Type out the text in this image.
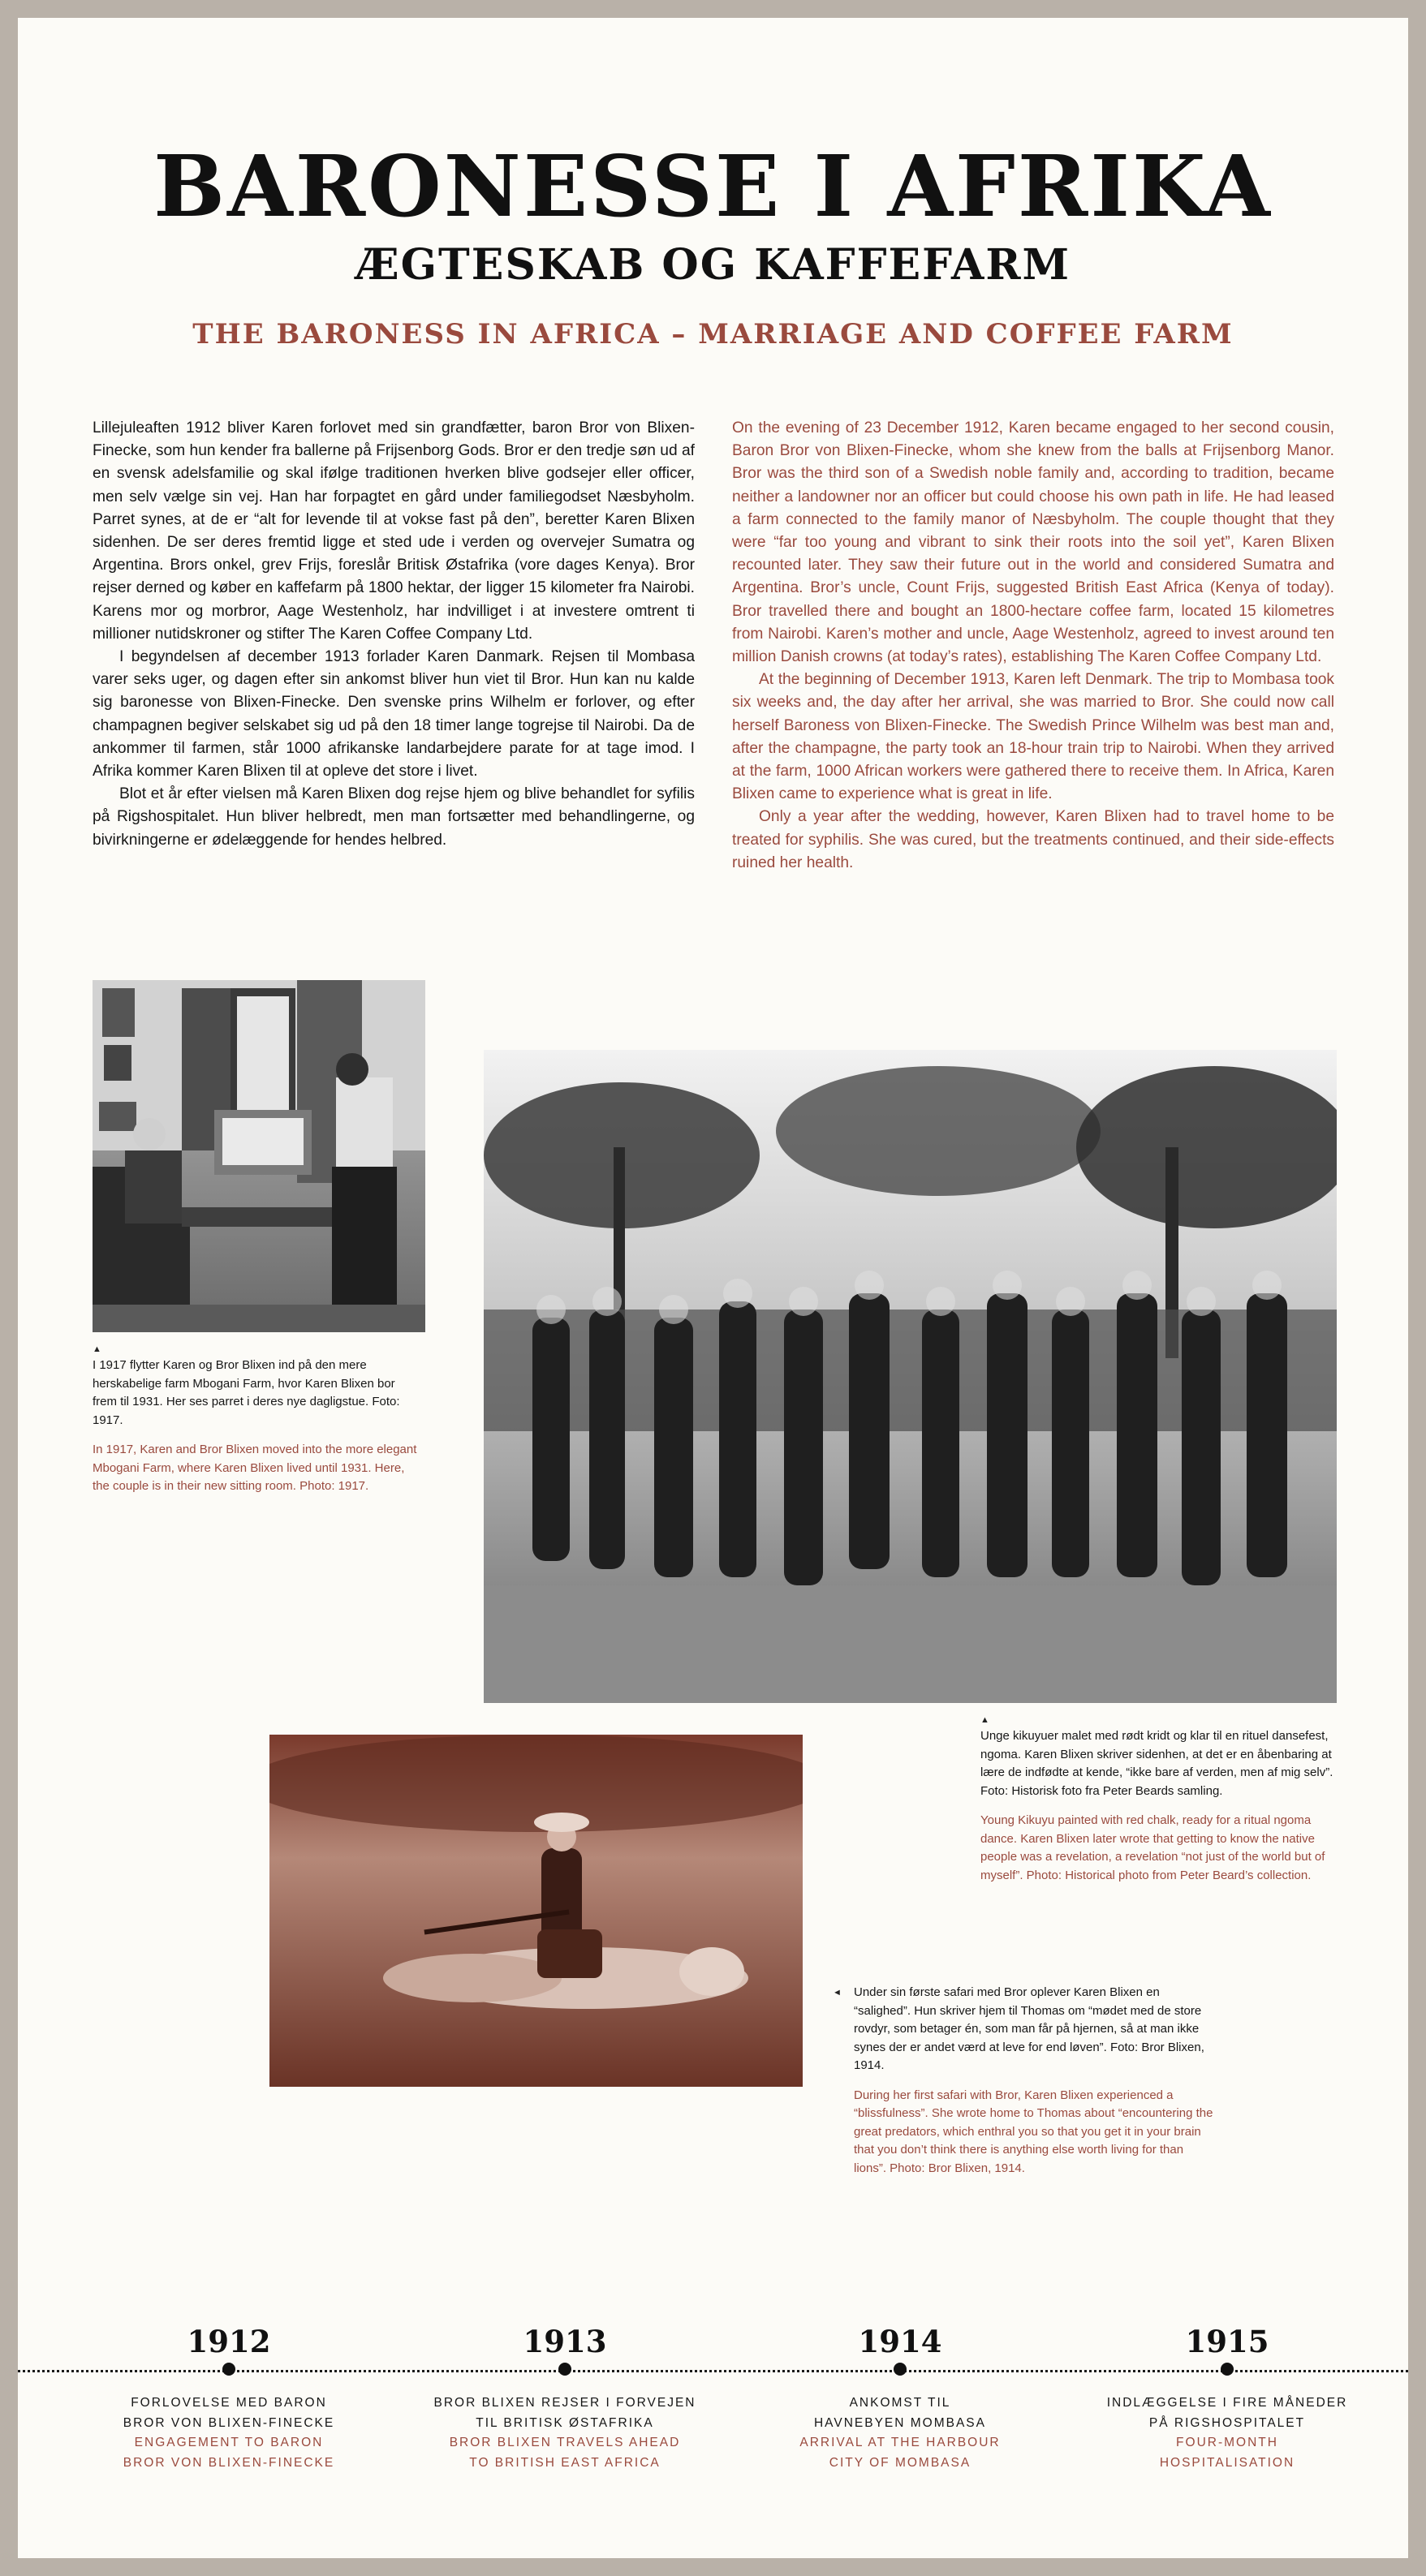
BARONESSE I AFRIKA
ÆGTESKAB OG KAFFEFARM
THE BARONESS IN AFRICA – MARRIAGE AND COFFEE FARM

Lillejuleaften 1912 bliver Karen forlovet med sin grandfætter, baron Bror von Blixen-Finecke, som hun kender fra ballerne på Frijsenborg Gods. Bror er den tredje søn ud af en svensk adelsfamilie og skal ifølge traditionen hverken blive godsejer eller officer, men selv vælge sin vej. Han har forpagtet en gård under familiegodset Næsbyholm. Parret synes, at de er “alt for levende til at vokse fast på den”, beretter Karen Blixen sidenhen. De ser deres fremtid ligge et sted ude i verden og overvejer Sumatra og Argentina. Brors onkel, grev Frijs, foreslår Britisk Østafrika (vore dages Kenya). Bror rejser derned og køber en kaffefarm på 1800 hektar, der ligger 15 kilometer fra Nairobi. Karens mor og morbror, Aage Westenholz, har indvilliget i at investere omtrent ti millioner nutidskroner og stifter The Karen Coffee Company Ltd.

I begyndelsen af december 1913 forlader Karen Danmark. Rejsen til Mombasa varer seks uger, og dagen efter sin ankomst bliver hun viet til Bror. Hun kan nu kalde sig baronesse von Blixen-Finecke. Den svenske prins Wilhelm er forlover, og efter champagnen begiver selskabet sig ud på den 18 timer lange togrejse til Nairobi. Da de ankommer til farmen, står 1000 afrikanske landarbejdere parate for at tage imod. I Afrika kommer Karen Blixen til at opleve det store i livet.

Blot et år efter vielsen må Karen Blixen dog rejse hjem og blive behandlet for syfilis på Rigshospitalet. Hun bliver helbredt, men man fortsætter med behandlingerne, og bivirkningerne er ødelæggende for hendes helbred.

On the evening of 23 December 1912, Karen became engaged to her second cousin, Baron Bror von Blixen-Finecke, whom she knew from the balls at Frijsenborg Manor. Bror was the third son of a Swedish noble family and, according to tradition, became neither a landowner nor an officer but could choose his own path in life. He had leased a farm connected to the family manor of Næsbyholm. The couple thought that they were “far too young and vibrant to sink their roots into the soil yet”, Karen Blixen recounted later. They saw their future out in the world and considered Sumatra and Argentina. Bror’s uncle, Count Frijs, suggested British East Africa (Kenya of today). Bror travelled there and bought an 1800-hectare coffee farm, located 15 kilometres from Nairobi. Karen’s mother and uncle, Aage Westenholz, agreed to invest around ten million Danish crowns (at today’s rates), establishing The Karen Coffee Company Ltd.

At the beginning of December 1913, Karen left Denmark. The trip to Mombasa took six weeks and, the day after her arrival, she was married to Bror. She could now call herself Baroness von Blixen-Finecke. The Swedish Prince Wilhelm was best man and, after the champagne, the party took an 18-hour train trip to Nairobi. When they arrived at the farm, 1000 African workers were gathered there to receive them. In Africa, Karen Blixen came to experience what is great in life.

Only a year after the wedding, however, Karen Blixen had to travel home to be treated for syphilis. She was cured, but the treatments continued, and their side-effects ruined her health.

▲

I 1917 flytter Karen og Bror Blixen ind på den mere herskabelige farm Mbogani Farm, hvor Karen Blixen bor frem til 1931. Her ses parret i deres nye dagligstue. Foto: 1917.

In 1917, Karen and Bror Blixen moved into the more elegant Mbogani Farm, where Karen Blixen lived until 1931. Here, the couple is in their new sitting room. Photo: 1917.

▲

Unge kikuyuer malet med rødt kridt og klar til en rituel dansefest, ngoma. Karen Blixen skriver sidenhen, at det er en åbenbaring at lære de indfødte at kende, “ikke bare af verden, men af mig selv”. Foto: Historisk foto fra Peter Beards samling.

Young Kikuyu painted with red chalk, ready for a ritual ngoma dance. Karen Blixen later wrote that getting to know the native people was a revelation, a revelation “not just of the world but of myself”. Photo: Historical photo from Peter Beard’s collection.

◄ Under sin første safari med Bror oplever Karen Blixen en “salighed”. Hun skriver hjem til Thomas om “mødet med de store rovdyr, som betager én, som man får på hjernen, så at man ikke synes der er andet værd at leve for end løven”. Foto: Bror Blixen, 1914.

During her first safari with Bror, Karen Blixen experienced a “blissfulness”. She wrote home to Thomas about “encountering the great predators, which enthral you so that you get it in your brain that you don’t think there is anything else worth living for than lions”. Photo: Bror Blixen, 1914.

1912
FORLOVELSE MED BARON
BROR VON BLIXEN-FINECKE
ENGAGEMENT TO BARON
BROR VON BLIXEN-FINECKE
1913
BROR BLIXEN REJSER I FORVEJEN
TIL BRITISK ØSTAFRIKA
BROR BLIXEN TRAVELS AHEAD
TO BRITISH EAST AFRICA
1914
ANKOMST TIL
HAVNEBYEN MOMBASA
ARRIVAL AT THE HARBOUR
CITY OF MOMBASA
1915
INDLÆGGELSE I FIRE MÅNEDER
PÅ RIGSHOSPITALET
FOUR-MONTH
HOSPITALISATION
